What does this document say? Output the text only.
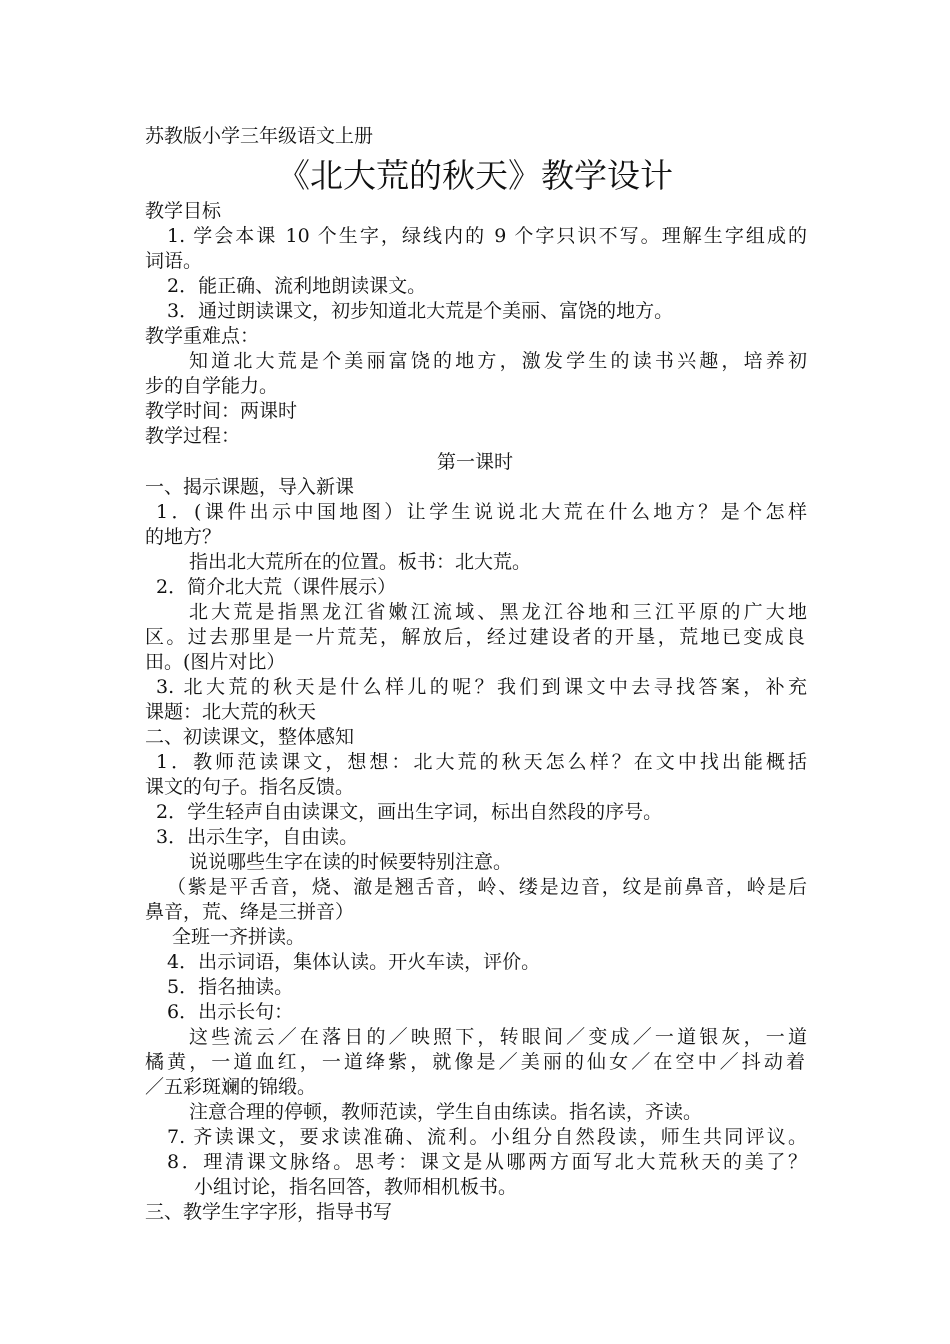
苏教版小学三年级语文上册
《北大荒的秋天》教学设计
教学目标
1. 学会本课 10 个生字，绿线内的 9 个字只识不写。理解生字组成的
词语。
2．能正确、流利地朗读课文。
3．通过朗读课文，初步知道北大荒是个美丽、富饶的地方。
教学重难点：
知道北大荒是个美丽富饶的地方，激发学生的读书兴趣，培养初
步的自学能力。
教学时间：两课时
教学过程：
第一课时
一、揭示课题，导入新课
1．(课件出示中国地图）让学生说说北大荒在什么地方？是个怎样
的地方？
指出北大荒所在的位置。板书：北大荒。
2．简介北大荒（课件展示）
北大荒是指黑龙江省嫩江流域、黑龙江谷地和三江平原的广大地
区。过去那里是一片荒芜，解放后，经过建设者的开垦，荒地已变成良
田。(图片对比）
3. 北大荒的秋天是什么样儿的呢？我们到课文中去寻找答案，补充
课题：北大荒的秋天
二、初读课文，整体感知
1．教师范读课文，想想：北大荒的秋天怎么样？在文中找出能概括
课文的句子。指名反馈。
2．学生轻声自由读课文，画出生字词，标出自然段的序号。
3．出示生字，自由读。
说说哪些生字在读的时候要特别注意。
（紫是平舌音，烧、澈是翘舌音，岭、缕是边音，纹是前鼻音，岭是后
鼻音，荒、绛是三拼音）
全班一齐拼读。
4．出示词语，集体认读。开火车读，评价。
5．指名抽读。
6．出示长句：
这些流云／在落日的／映照下，转眼间／变成／一道银灰，一道
橘黄，一道血红，一道绛紫，就像是／美丽的仙女／在空中／抖动着
／五彩斑斓的锦缎。
注意合理的停顿，教师范读，学生自由练读。指名读，齐读。
7. 齐读课文，要求读准确、流利。小组分自然段读，师生共同评议。
8．理清课文脉络。思考：课文是从哪两方面写北大荒秋天的美了？
小组讨论，指名回答，教师相机板书。
三、教学生字字形，指导书写
